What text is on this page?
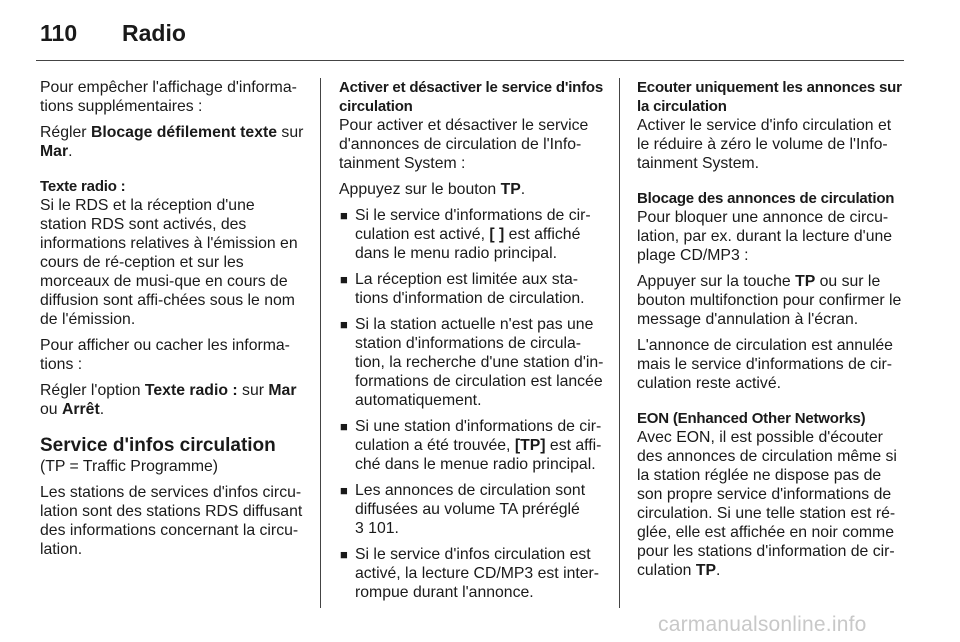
110 Radio

Pour empêcher l'affichage d'informa-tions supplémentaires :

Régler Blocage défilement texte sur Mar.

Texte radio :

Si le RDS et la réception d'une station RDS sont activés, des informations relatives à l'émission en cours de ré-ception et sur les morceaux de musi-que en cours de diffusion sont affi-chées sous le nom de l'émission.

Pour afficher ou cacher les informa-tions :

Régler l'option Texte radio : sur Mar ou Arrêt.

Service d'infos circulation

(TP = Traffic Programme)

Les stations de services d'infos circu-lation sont des stations RDS diffusant des informations concernant la circu-lation.

Activer et désactiver le service d'infos circulation

Pour activer et désactiver le service d'annonces de circulation de l'Info-tainment System :

Appuyez sur le bouton TP.

■ Si le service d'informations de cir-culation est activé, [ ] est affiché dans le menu radio principal.
■ La réception est limitée aux sta-tions d'information de circulation.
■ Si la station actuelle n'est pas une station d'informations de circula-tion, la recherche d'une station d'in-formations de circulation est lancée automatiquement.
■ Si une station d'informations de cir-culation a été trouvée, [TP] est affi-ché dans le menue radio principal.
■ Les annonces de circulation sont diffusées au volume TA préréglé
3 101.
■ Si le service d'infos circulation est activé, la lecture CD/MP3 est inter-rompue durant l'annonce.
Ecouter uniquement les annonces sur la circulation

Activer le service d'info circulation et le réduire à zéro le volume de l'Info-tainment System.

Blocage des annonces de circulation

Pour bloquer une annonce de circu-lation, par ex. durant la lecture d'une plage CD/MP3 :

Appuyer sur la touche TP ou sur le bouton multifonction pour confirmer le message d'annulation à l'écran.

L'annonce de circulation est annulée mais le service d'informations de cir-culation reste activé.

EON (Enhanced Other Networks)

Avec EON, il est possible d'écouter des annonces de circulation même si la station réglée ne dispose pas de son propre service d'informations de circulation. Si une telle station est ré-glée, elle est affichée en noir comme pour les stations d'information de cir-culation TP.

carmanualsonline.info
